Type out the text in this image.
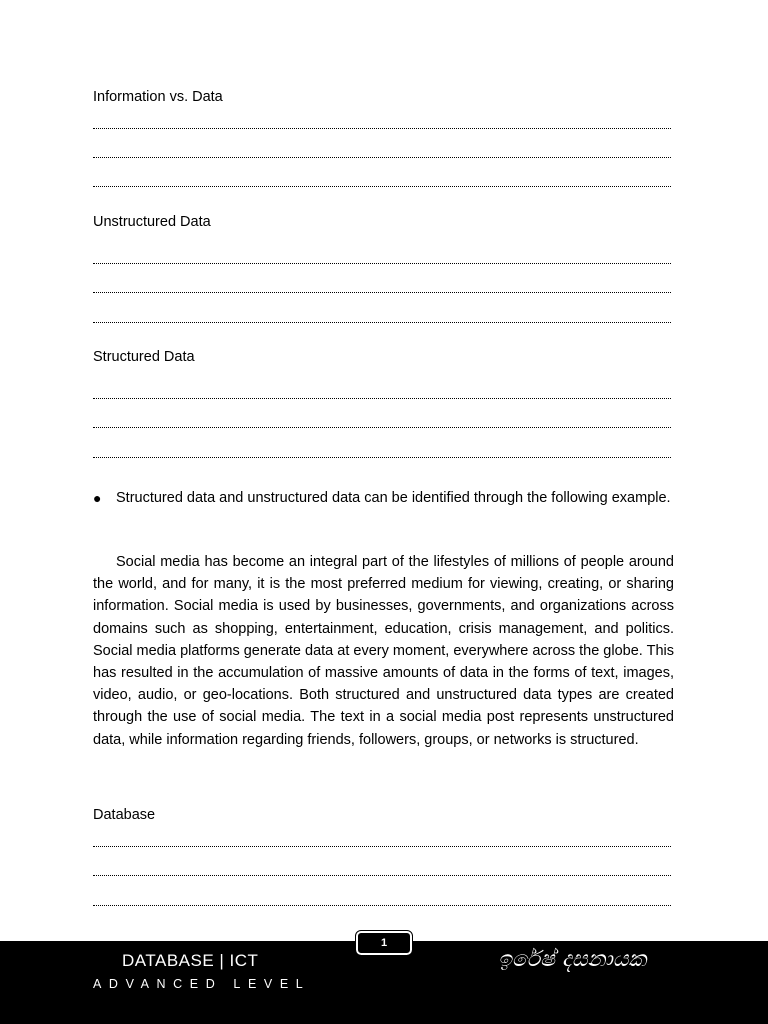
Information vs. Data
Unstructured Data
Structured Data
● Structured data and unstructured data can be identified through the following example.

Social media has become an integral part of the lifestyles of millions of people around the world, and for many, it is the most preferred medium for viewing, creating, or sharing information. Social media is used by businesses, governments, and organizations across domains such as shopping, entertainment, education, crisis management, and politics. Social media platforms generate data at every moment, everywhere across the globe. This has resulted in the accumulation of massive amounts of data in the forms of text, images, video, audio, or geo-locations. Both structured and unstructured data types are created through the use of social media. The text in a social media post represents unstructured data, while information regarding friends, followers, groups, or networks is structured.

Database
1
DATABASE | ICT
ADVANCED LEVEL
ඉරේෂ් දසනායක
